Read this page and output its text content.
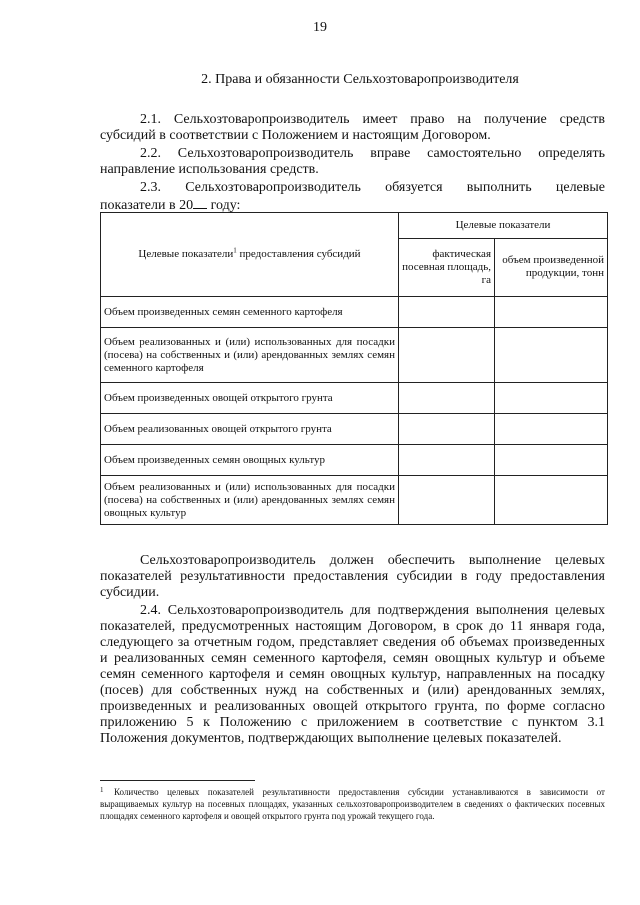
19
2. Права и обязанности Сельхозтоваропроизводителя

2.1. Сельхозтоваропроизводитель имеет право на получение средств субсидий в соответствии с Положением и настоящим Договором.

2.2. Сельхозтоваропроизводитель вправе самостоятельно определять направление использования средств.

2.3. Сельхозтоваропроизводитель обязуется выполнить целевые

показатели в 20 году:

Целевые показатели$^1$ предоставления субсидий	Целевые показатели	
	фактическая посевная площадь, га	объем произведенной продукции, тонн
Объем произведенных семян семенного картофеля		
Объем реализованных и (или) использованных для посадки (посева) на собственных и (или) арендованных землях семян семенного картофеля		
Объем произведенных овощей открытого грунта		
Объем реализованных овощей открытого грунта		
Объем произведенных семян овощных культур		
Объем реализованных и (или) использованных для посадки (посева) на собственных и (или) арендованных землях семян овощных культур		

Сельхозтоваропроизводитель должен обеспечить выполнение целевых показателей результативности предоставления субсидии в году предоставления субсидии.

2.4. Сельхозтоваропроизводитель для подтверждения выполнения целевых показателей, предусмотренных настоящим Договором, в срок до 11 января года, следующего за отчетным годом, представляет сведения об объемах произведенных и реализованных семян семенного картофеля, семян овощных культур и объеме семян семенного картофеля и семян овощных культур, направленных на посадку (посев) для собственных нужд на собственных и (или) арендованных землях, произведенных и реализованных овощей открытого грунта, по форме согласно приложению 5 к Положению с приложением в соответствие с пунктом 3.1 Положения документов, подтверждающих выполнение целевых показателей.

1 Количество целевых показателей результативности предоставления субсидии устанавливаются в зависимости от выращиваемых культур на посевных площадях, указанных сельхозтоваропроизводителем в сведениях о фактических посевных площадях семенного картофеля и овощей открытого грунта под урожай текущего года.
